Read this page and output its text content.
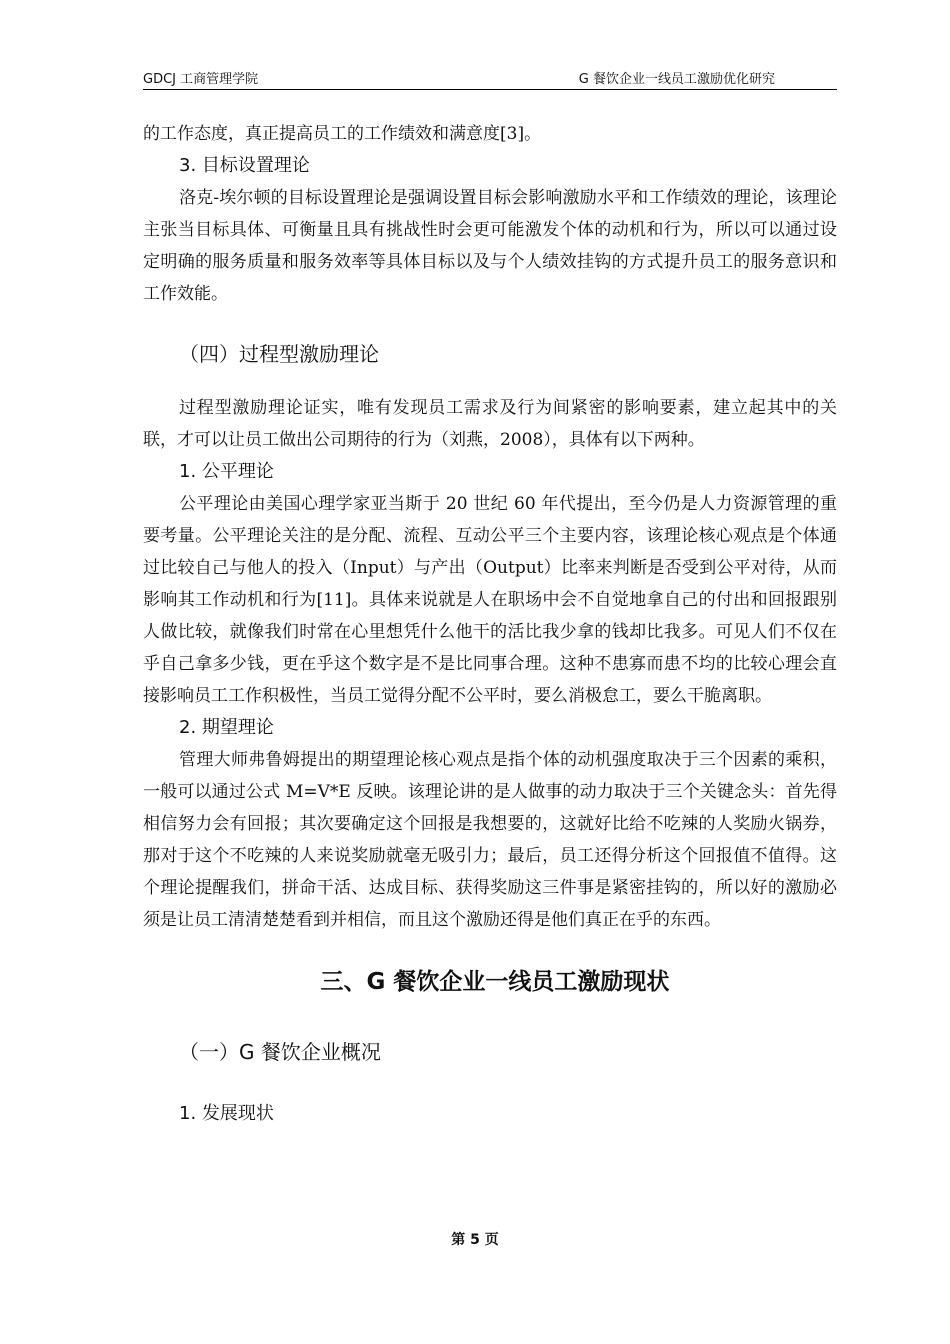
GDCJ 工商管理学院	G 餐饮企业一线员工激励优化研究

的工作态度，真正提高员工的工作绩效和满意度[3]。

3. 目标设置理论

洛克-埃尔顿的目标设置理论是强调设置目标会影响激励水平和工作绩效的理论，该理论主张当目标具体、可衡量且具有挑战性时会更可能激发个体的动机和行为，所以可以通过设定明确的服务质量和服务效率等具体目标以及与个人绩效挂钩的方式提升员工的服务意识和工作效能。

（四）过程型激励理论

过程型激励理论证实，唯有发现员工需求及行为间紧密的影响要素，建立起其中的关联，才可以让员工做出公司期待的行为（刘燕，2008），具体有以下两种。

1. 公平理论

公平理论由美国心理学家亚当斯于 20 世纪 60 年代提出，至今仍是人力资源管理的重要考量。公平理论关注的是分配、流程、互动公平三个主要内容，该理论核心观点是个体通过比较自己与他人的投入（Input）与产出（Output）比率来判断是否受到公平对待，从而影响其工作动机和行为[11]。具体来说就是人在职场中会不自觉地拿自己的付出和回报跟别人做比较，就像我们时常在心里想凭什么他干的活比我少拿的钱却比我多。可见人们不仅在乎自己拿多少钱，更在乎这个数字是不是比同事合理。这种不患寡而患不均的比较心理会直接影响员工工作积极性，当员工觉得分配不公平时，要么消极怠工，要么干脆离职。

2. 期望理论

管理大师弗鲁姆提出的期望理论核心观点是指个体的动机强度取决于三个因素的乘积，一般可以通过公式 M=V*E 反映。该理论讲的是人做事的动力取决于三个关键念头：首先得相信努力会有回报；其次要确定这个回报是我想要的，这就好比给不吃辣的人奖励火锅券，那对于这个不吃辣的人来说奖励就毫无吸引力；最后，员工还得分析这个回报值不值得。这个理论提醒我们，拼命干活、达成目标、获得奖励这三件事是紧密挂钩的，所以好的激励必须是让员工清清楚楚看到并相信，而且这个激励还得是他们真正在乎的东西。

三、G 餐饮企业一线员工激励现状

（一）G 餐饮企业概况

1. 发展现状

第 5 页
